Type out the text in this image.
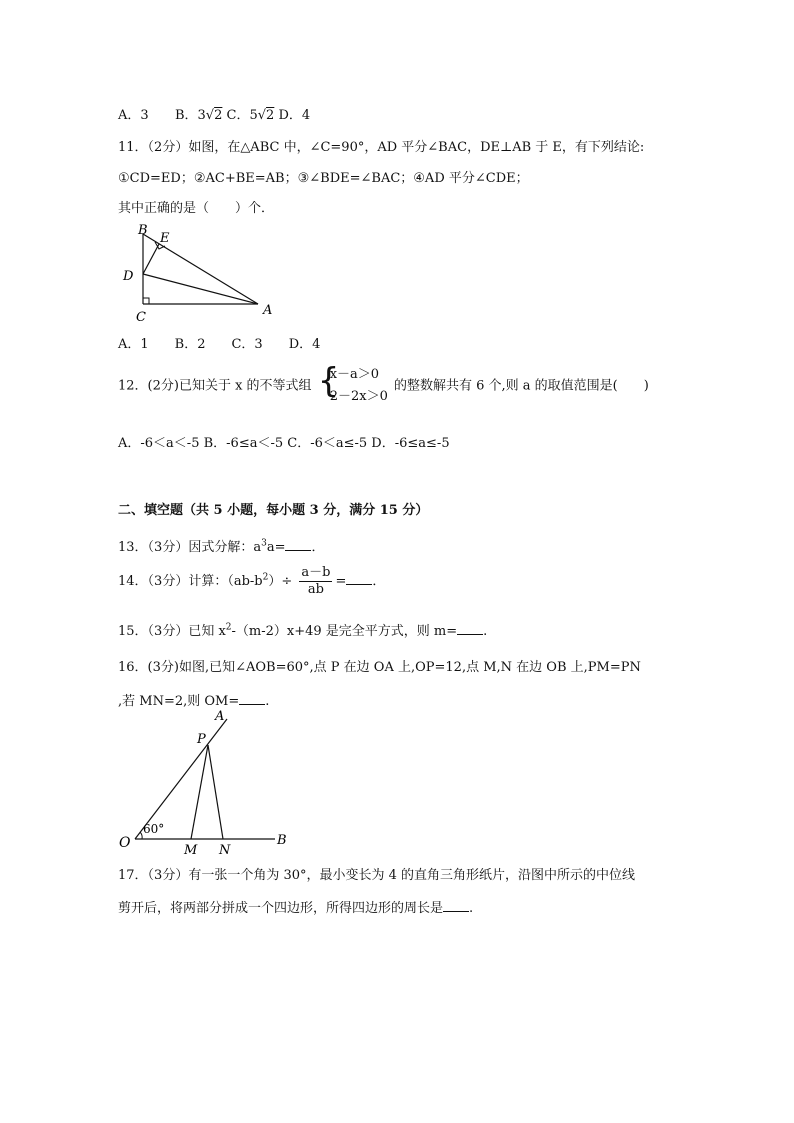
A．3 B．3√2 C．5√2 D．4
11．（2分）如图，在△ABC 中，∠C=90°，AD 平分∠BAC，DE⊥AB 于 E，有下列结论:
①CD=ED；②AC+BE=AB；③∠BDE=∠BAC；④AD 平分∠CDE；
其中正确的是（　　）个．
B
E
D
C	A
A．1　　B．2　　C．3　　D．4
12．(2分)已知关于 x 的不等式组 {
x－a＞0
2－2x＞0
的整数解共有 6 个,则 a 的取值范围是(　　)
A．-6＜a＜-5 B．-6≤a＜-5 C．-6＜a≤-5 D．-6≤a≤-5
二、填空题（共 5 小题，每小题 3 分，满分 15 分）
13．（3分）因式分解：$a^3a=$ ．
14．（3分）计算：$(ab-b^2)\div \frac{a-b}{ab}$ = ．
15．（3分）已知 $x^2-(m-2)x+49$ 是完全平方式，则 m= .
16．(3分)如图,已知∠AOB=60°,点 P 在边 OA 上,OP=12,点 M,N 在边 OB 上,PM=PN
,若 MN=2,则 OM= .
A
P
O
60°
M N
B
17．（3分）有一张一个角为 30°，最小变长为 4 的直角三角形纸片，沿图中所示的中位线
剪开后，将两部分拼成一个四边形，所得四边形的周长是 .
